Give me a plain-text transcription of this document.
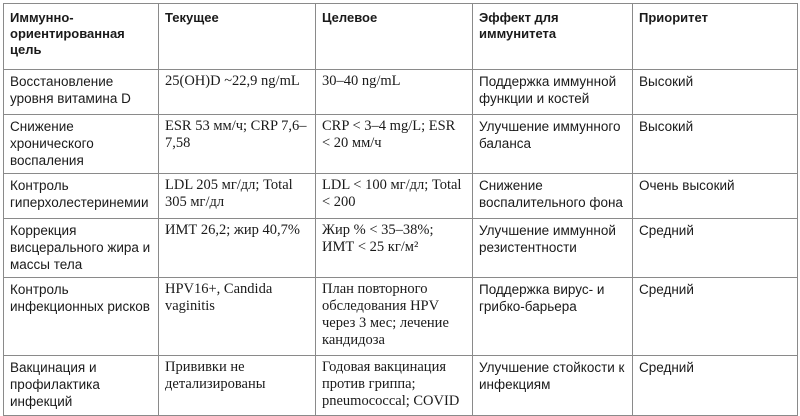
Иммунно-ориентированная цель	Текущее	Целевое	Эффект для иммунитета	Приоритет
Восстановление уровня витамина D	25(OH)D ~22,9 ng/mL	30–40 ng/mL	Поддержка иммунной функции и костей	Высокий
Снижение хронического воспаления	ESR 53 мм/ч; CRP 7,6–7,58	CRP < 3–4 mg/L; ESR < 20 мм/ч	Улучшение иммунного баланса	Высокий
Контроль гиперхолестеринемии	LDL 205 мг/дл; Total 305 мг/дл	LDL < 100 мг/дл; Total < 200	Снижение воспалительного фона	Очень высокий
Коррекция висцерального жира и массы тела	ИМТ 26,2; жир 40,7%	Жир % < 35–38%; ИМТ < 25 кг/м²	Улучшение иммунной резистентности	Средний
Контроль инфекционных рисков	HPV16+, Candida vaginitis	План повторного обследования HPV через 3 мес; лечение кандидоза	Поддержка вирус- и грибко-барьера	Средний
Вакцинация и профилактика инфекций	Прививки не детализированы	Годовая вакцинация против гриппа; pneumococcal; COVID	Улучшение стойкости к инфекциям	Средний
